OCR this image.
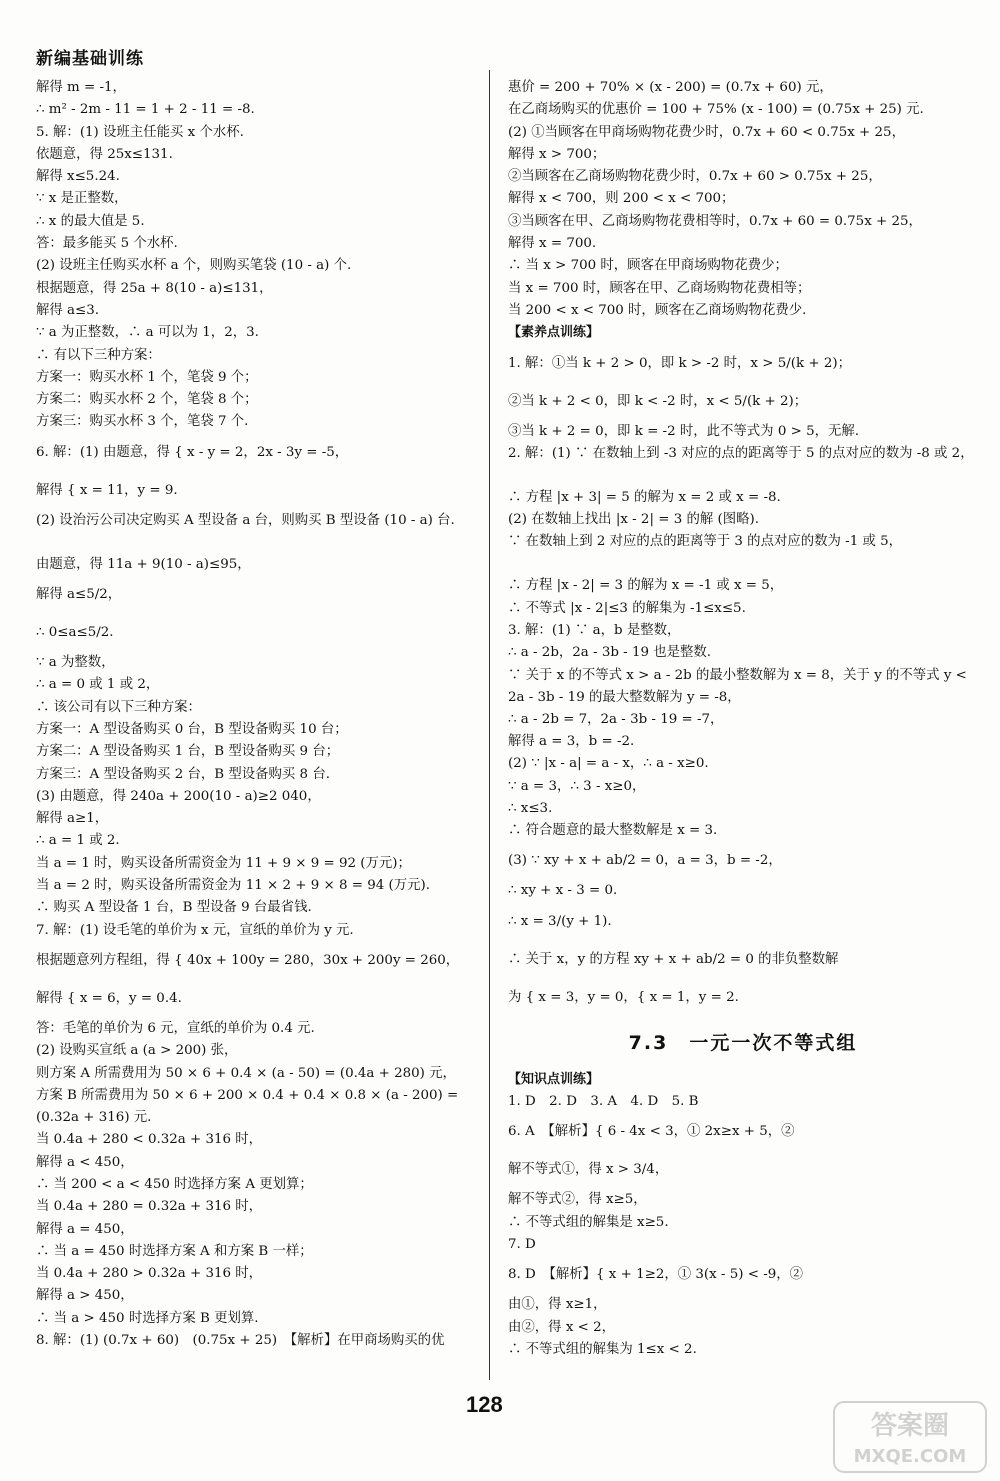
新编基础训练
解得 m = -1，
∴ m² - 2m - 11 = 1 + 2 - 11 = -8.
5. 解：(1) 设班主任能买 x 个水杯.
依题意，得 25x≤131.
解得 x≤5.24.
∵ x 是正整数，
∴ x 的最大值是 5.
答：最多能买 5 个水杯.
(2) 设班主任购买水杯 a 个，则购买笔袋 (10 - a) 个.
根据题意，得 25a + 8(10 - a)≤131，
解得 a≤3.
∵ a 为正整数，∴ a 可以为 1，2，3.
∴ 有以下三种方案：
方案一：购买水杯 1 个，笔袋 9 个；
方案二：购买水杯 2 个，笔袋 8 个；
方案三：购买水杯 3 个，笔袋 7 个.
6. 解：(1) 由题意，得 { x - y = 2，2x - 3y = -5，
解得 { x = 11，y = 9.
(2) 设治污公司决定购买 A 型设备 a 台，则购买 B 型设备 (10 - a) 台.
由题意，得 11a + 9(10 - a)≤95，
解得 a≤5/2，
∴ 0≤a≤5/2.
∵ a 为整数，
∴ a = 0 或 1 或 2，
∴ 该公司有以下三种方案：
方案一：A 型设备购买 0 台，B 型设备购买 10 台；
方案二：A 型设备购买 1 台，B 型设备购买 9 台；
方案三：A 型设备购买 2 台，B 型设备购买 8 台.
(3) 由题意，得 240a + 200(10 - a)≥2 040，
解得 a≥1，
∴ a = 1 或 2.
当 a = 1 时，购买设备所需资金为 11 + 9 × 9 = 92 (万元)；
当 a = 2 时，购买设备所需资金为 11 × 2 + 9 × 8 = 94 (万元).
∴ 购买 A 型设备 1 台，B 型设备 9 台最省钱.
7. 解：(1) 设毛笔的单价为 x 元，宣纸的单价为 y 元.
根据题意列方程组，得 { 40x + 100y = 280，30x + 200y = 260，
解得 { x = 6，y = 0.4.
答：毛笔的单价为 6 元，宣纸的单价为 0.4 元.
(2) 设购买宣纸 a (a > 200) 张，
则方案 A 所需费用为 50 × 6 + 0.4 × (a - 50) = (0.4a + 280) 元，
方案 B 所需费用为 50 × 6 + 200 × 0.4 + 0.4 × 0.8 × (a - 200) =
(0.32a + 316) 元.
当 0.4a + 280 < 0.32a + 316 时，
解得 a < 450，
∴ 当 200 < a < 450 时选择方案 A 更划算；
当 0.4a + 280 = 0.32a + 316 时，
解得 a = 450，
∴ 当 a = 450 时选择方案 A 和方案 B 一样；
当 0.4a + 280 > 0.32a + 316 时，
解得 a > 450，
∴ 当 a > 450 时选择方案 B 更划算.
8. 解：(1) (0.7x + 60)　(0.75x + 25)　【解析】在甲商场购买的优
惠价 = 200 + 70% × (x - 200) = (0.7x + 60) 元，
在乙商场购买的优惠价 = 100 + 75% (x - 100) = (0.75x + 25) 元.
(2) ①当顾客在甲商场购物花费少时，0.7x + 60 < 0.75x + 25，
解得 x > 700；
②当顾客在乙商场购物花费少时，0.7x + 60 > 0.75x + 25，
解得 x < 700，则 200 < x < 700；
③当顾客在甲、乙商场购物花费相等时，0.7x + 60 = 0.75x + 25，
解得 x = 700.
∴ 当 x > 700 时，顾客在甲商场购物花费少；
当 x = 700 时，顾客在甲、乙商场购物花费相等；
当 200 < x < 700 时，顾客在乙商场购物花费少.
【素养点训练】
1. 解：①当 k + 2 > 0，即 k > -2 时，x > 5/(k + 2)；
②当 k + 2 < 0，即 k < -2 时，x < 5/(k + 2)；
③当 k + 2 = 0，即 k = -2 时，此不等式为 0 > 5，无解.
2. 解：(1) ∵ 在数轴上到 -3 对应的点的距离等于 5 的点对应的数为 -8 或 2，
∴ 方程 |x + 3| = 5 的解为 x = 2 或 x = -8.
(2) 在数轴上找出 |x - 2| = 3 的解 (图略).
∵ 在数轴上到 2 对应的点的距离等于 3 的点对应的数为 -1 或 5，
∴ 方程 |x - 2| = 3 的解为 x = -1 或 x = 5，
∴ 不等式 |x - 2|≤3 的解集为 -1≤x≤5.
3. 解：(1) ∵ a，b 是整数，
∴ a - 2b，2a - 3b - 19 也是整数.
∵ 关于 x 的不等式 x > a - 2b 的最小整数解为 x = 8，关于 y 的不等式 y < 2a - 3b - 19 的最大整数解为 y = -8，
∴ a - 2b = 7，2a - 3b - 19 = -7，
解得 a = 3，b = -2.
(2) ∵ |x - a| = a - x，∴ a - x≥0.
∵ a = 3，∴ 3 - x≥0，
∴ x≤3.
∴ 符合题意的最大整数解是 x = 3.
(3) ∵ xy + x + ab/2 = 0，a = 3，b = -2，
∴ xy + x - 3 = 0.
∴ x = 3/(y + 1).
∴ 关于 x，y 的方程 xy + x + ab/2 = 0 的非负整数解
为 { x = 3，y = 0，{ x = 1，y = 2.
7.3　一元一次不等式组
【知识点训练】
1. D　2. D　3. A　4. D　5. B
6. A　【解析】{ 6 - 4x < 3，① 2x≥x + 5，②
解不等式①，得 x > 3/4，
解不等式②，得 x≥5，
∴ 不等式组的解集是 x≥5.
7. D
8. D　【解析】{ x + 1≥2，① 3(x - 5) < -9，②
由①，得 x≥1，
由②，得 x < 2，
∴ 不等式组的解集为 1≤x < 2.
128
答案圈
MXQE.COM
